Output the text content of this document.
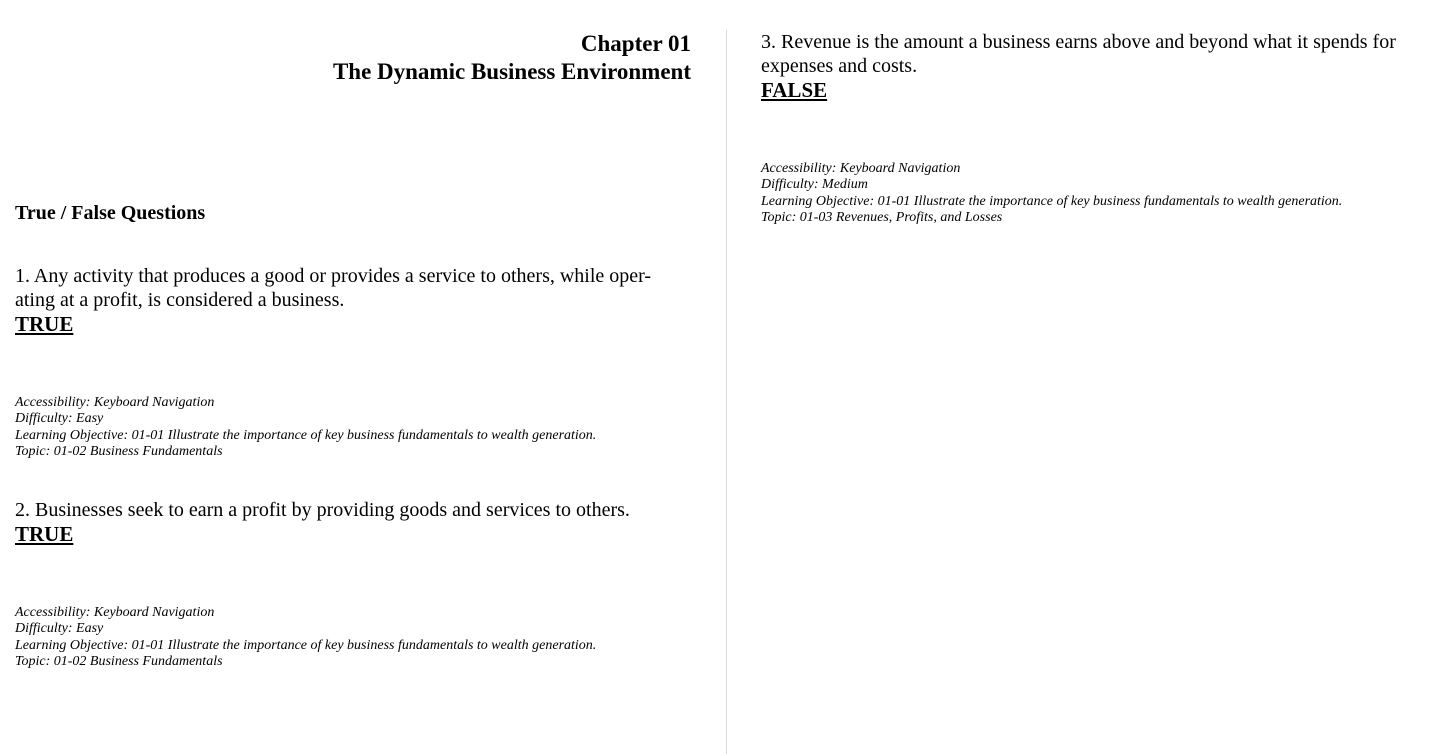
Chapter 01
The Dynamic Business Environment
True / False Questions

1. Any activity that produces a good or provides a service to others, while oper-ating at a profit, is considered a business.

TRUE

Accessibility: Keyboard Navigation
Difficulty: Easy
Learning Objective: 01-01 Illustrate the importance of key business fundamentals to wealth generation.
Topic: 01-02 Business Fundamentals

2. Businesses seek to earn a profit by providing goods and services to others.

TRUE

Accessibility: Keyboard Navigation
Difficulty: Easy
Learning Objective: 01-01 Illustrate the importance of key business fundamentals to wealth generation.
Topic: 01-02 Business Fundamentals

3. Revenue is the amount a business earns above and beyond what it spends for expenses and costs.

FALSE

Accessibility: Keyboard Navigation
Difficulty: Medium
Learning Objective: 01-01 Illustrate the importance of key business fundamentals to wealth generation.
Topic: 01-03 Revenues, Profits, and Losses
